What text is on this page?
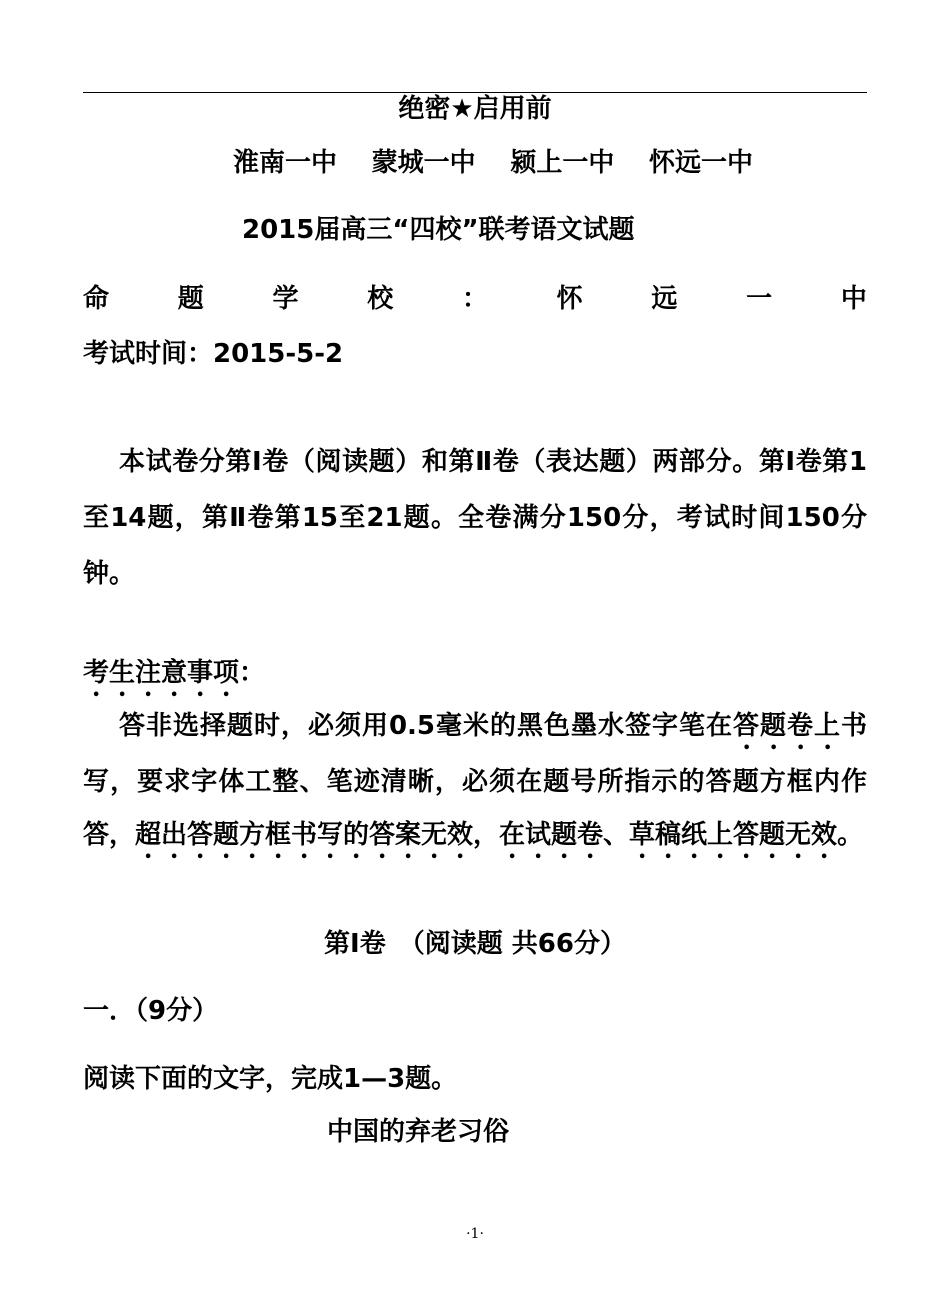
绝密★启用前
淮南一中 蒙城一中 颍上一中 怀远一中
2015届高三“四校”联考语文试题
命	题	学	校	：	怀	远	一	中
考试时间：2015-5-2

本试卷分第Ⅰ卷（阅读题）和第Ⅱ卷（表达题）两部分。第Ⅰ卷第1至14题，第Ⅱ卷第15至21题。全卷满分150分，考试时间150分钟。

考生注意事项：

答非选择题时，必须用0.5毫米的黑色墨水签字笔在答题卷上书写，要求字体工整、笔迹清晰，必须在题号所指示的答题方框内作答，超出答题方框书写的答案无效，在试题卷、草稿纸上答题无效。

第Ⅰ卷　（阅读题 共66分）
一．（9分）
阅读下面的文字，完成1—3题。
中国的弃老习俗
·1·
